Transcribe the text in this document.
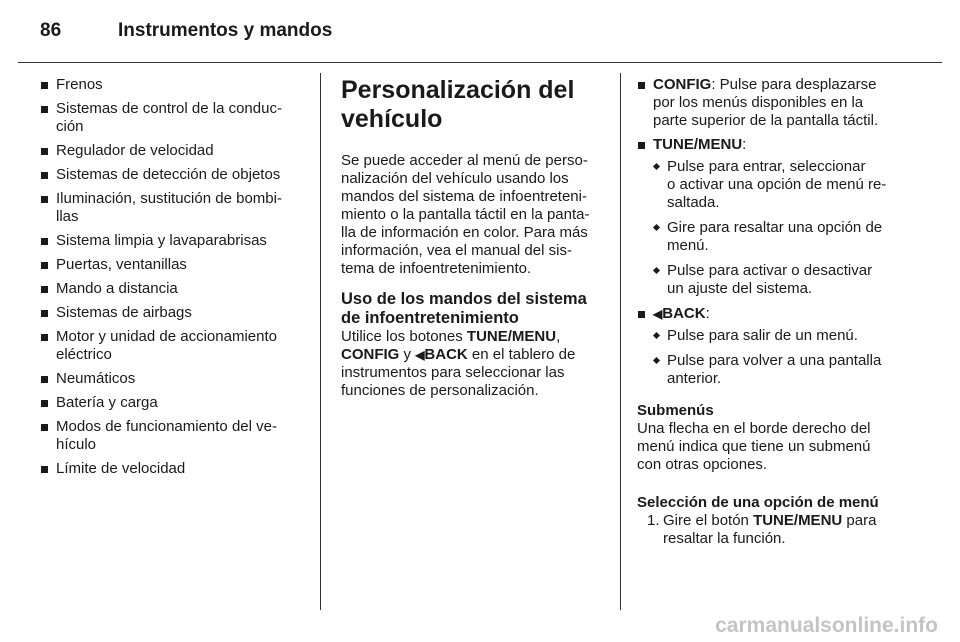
86	Instrumentos y mandos
Frenos
Sistemas de control de la conduc-
ción
Regulador de velocidad
Sistemas de detección de objetos
Iluminación, sustitución de bombi-
llas
Sistema limpia y lavaparabrisas
Puertas, ventanillas
Mando a distancia
Sistemas de airbags
Motor y unidad de accionamiento
eléctrico
Neumáticos
Batería y carga
Modos de funcionamiento del ve-
hículo
Límite de velocidad
Personalización del
vehículo

Se puede acceder al menú de perso-
nalización del vehículo usando los
mandos del sistema de infoentreteni-
miento o la pantalla táctil en la panta-
lla de información en color. Para más
información, vea el manual del sis-
tema de infoentretenimiento.

Uso de los mandos del sistema
de infoentretenimiento

Utilice los botones TUNE/MENU,
CONFIG y ◀BACK en el tablero de
instrumentos para seleccionar las
funciones de personalización.

CONFIG: Pulse para desplazarse
por los menús disponibles en la
parte superior de la pantalla táctil.
TUNE/MENU:
Pulse para entrar, seleccionar
o activar una opción de menú re-
saltada.
Gire para resaltar una opción de
menú.
Pulse para activar o desactivar
un ajuste del sistema.
◀BACK:
Pulse para salir de un menú.
Pulse para volver a una pantalla
anterior.

Submenús

Una flecha en el borde derecho del
menú indica que tiene un submenú
con otras opciones.

Selección de una opción de menú

1. Gire el botón TUNE/MENU para
resaltar la función.
carmanualsonline.info
